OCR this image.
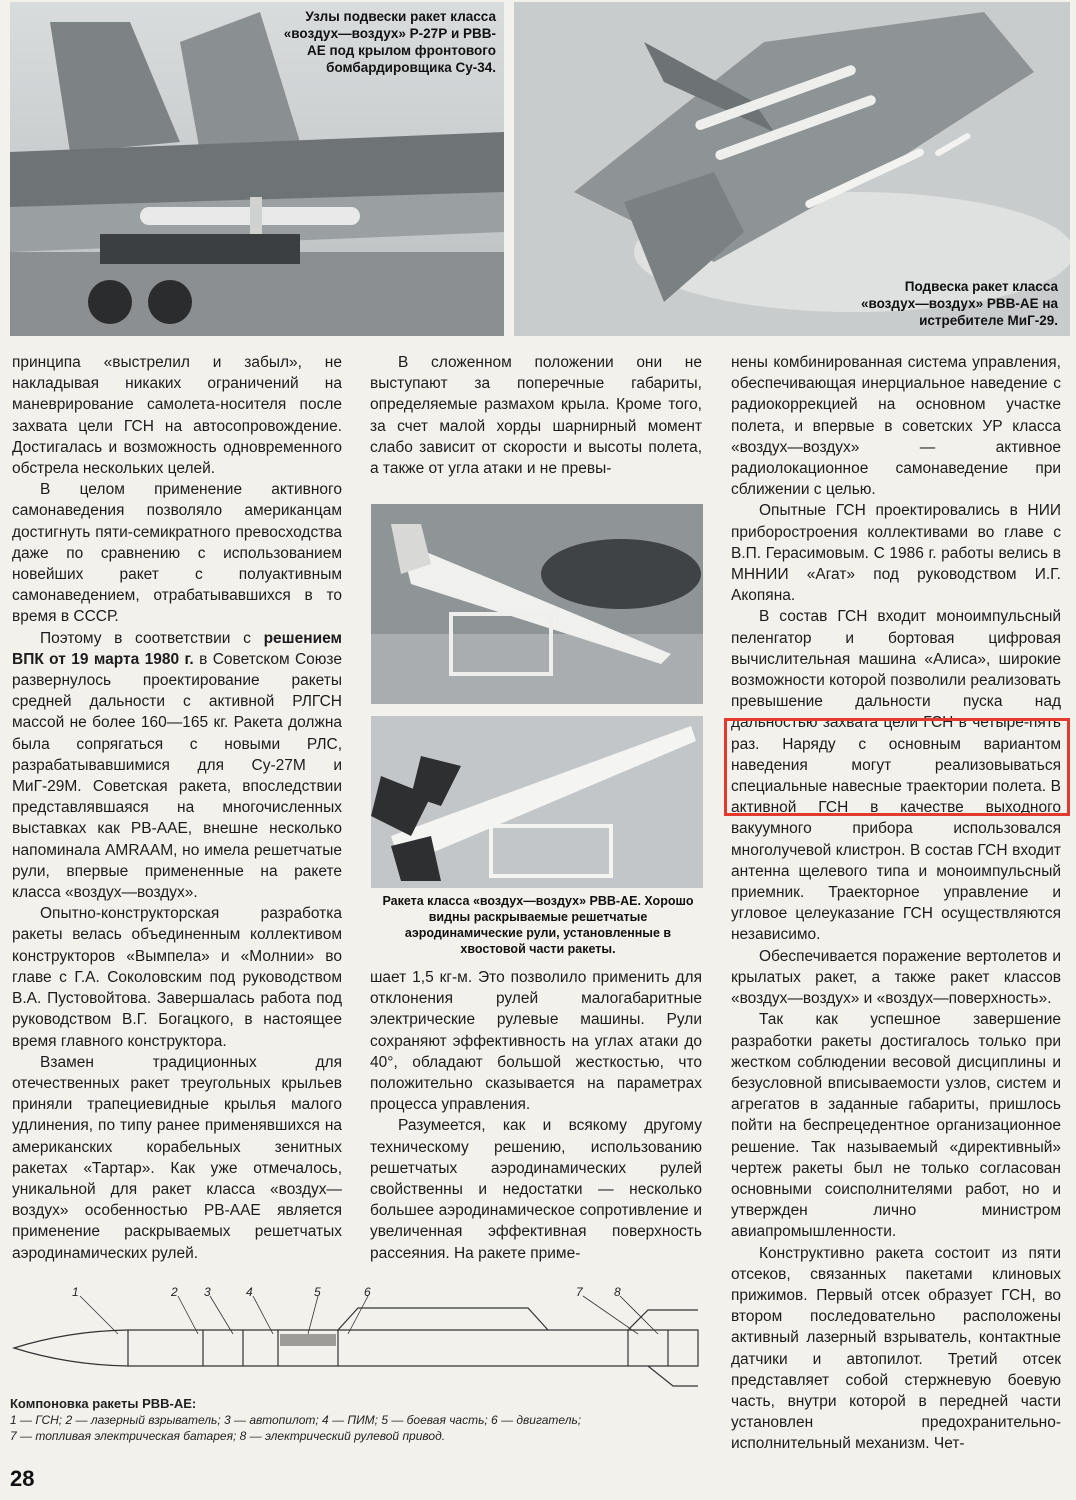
Узлы подвески ракет класса «воздух—воздух» Р-27Р и РВВ-АЕ под крылом фронтового бомбардировщика Су-34.
Подвеска ракет класса «воздух—воздух» РВВ-АЕ на истребителе МиГ-29.

принципа «выстрелил и забыл», не накладывая никаких ограничений на маневрирование самолета-носителя после захвата цели ГСН на автосопровождение. Достигалась и возможность одновременного обстрела нескольких целей.

В целом применение активного самонаведения позволяло американцам достигнуть пяти-семикратного превосходства даже по сравнению с использованием новейших ракет с полуактивным самонаведением, отрабатывавшихся в то время в СССР.

Поэтому в соответствии с решением ВПК от 19 марта 1980 г. в Советском Союзе развернулось проектирование ракеты средней дальности с активной РЛГСН массой не более 160—165 кг. Ракета должна была сопрягаться с новыми РЛС, разрабатывавшимися для Су-27М и МиГ-29М. Советская ракета, впоследствии представлявшаяся на многочисленных выставках как РВ-ААЕ, внешне несколько напоминала AMRAAM, но имела решетчатые рули, впервые примененные на ракете класса «воздух—воздух».

Опытно-конструкторская разработка ракеты велась объединенным коллективом конструкторов «Вымпела» и «Молнии» во главе с Г.А. Соколовским под руководством В.А. Пустовойтова. Завершалась работа под руководством В.Г. Богацкого, в настоящее время главного конструктора.

Взамен традиционных для отечественных ракет треугольных крыльев приняли трапециевидные крылья малого удлинения, по типу ранее применявшихся на американских корабельных зенитных ракетах «Тартар». Как уже отмечалось, уникальной для ракет класса «воздух—воздух» особенностью РВ-ААЕ является применение раскрываемых решетчатых аэродинамических рулей.

В сложенном положении они не выступают за поперечные габариты, определяемые размахом крыла. Кроме того, за счет малой хорды шарнирный момент слабо зависит от скорости и высоты полета, а также от угла атаки и не превы-

Ракета класса «воздух—воздух» РВВ-АЕ. Хорошо видны раскрываемые решетчатые аэродинамические рули, установленные в хвостовой части ракеты.

шает 1,5 кг-м. Это позволило применить для отклонения рулей малогабаритные электрические рулевые машины. Рули сохраняют эффективность на углах атаки до 40°, обладают большой жесткостью, что положительно сказывается на параметрах процесса управления.

Разумеется, как и всякому другому техническому решению, использованию решетчатых аэродинамических рулей свойственны и недостатки — несколько большее аэродинамическое сопротивление и увеличенная эффективная поверхность рассеяния. На ракете приме-

нены комбинированная система управления, обеспечивающая инерциальное наведение с радиокоррекцией на основном участке полета, и впервые в советских УР класса «воздух—воздух» — активное радиолокационное самонаведение при сближении с целью.

Опытные ГСН проектировались в НИИ приборостроения коллективами во главе с В.П. Герасимовым. С 1986 г. работы велись в МННИИ «Агат» под руководством И.Г. Акопяна.

В состав ГСН входит моноимпульсный пеленгатор и бортовая цифровая вычислительная машина «Алиса», широкие возможности которой позволили реализовать превышение дальности пуска над дальностью захвата цели ГСН в четыре-пять раз. Наряду с основным вариантом наведения могут реализовываться специальные навесные траектории полета. В активной ГСН в качестве выходного вакуумного прибора использовался многолучевой клистрон. В состав ГСН входит антенна щелевого типа и моноимпульсный приемник. Траекторное управление и угловое целеуказание ГСН осуществляются независимо.

Обеспечивается поражение вертолетов и крылатых ракет, а также ракет классов «воздух—воздух» и «воздух—поверхность».

Так как успешное завершение разработки ракеты достигалось только при жестком соблюдении весовой дисциплины и безусловной вписываемости узлов, систем и агрегатов в заданные габариты, пришлось пойти на беспрецедентное организационное решение. Так называемый «директивный» чертеж ракеты был не только согласован основными соисполнителями работ, но и утвержден лично министром авиапромышленности.

Конструктивно ракета состоит из пяти отсеков, связанных пакетами клиновых прижимов. Первый отсек образует ГСН, во втором последовательно расположены активный лазерный взрыватель, контактные датчики и автопилот. Третий отсек представляет собой стержневую боевую часть, внутри которой в передней части установлен предохранительно-исполнительный механизм. Чет-

1	2 3	4	5	6	7	8
Компоновка ракеты РВВ-АЕ:
1 — ГСН; 2 — лазерный взрыватель; 3 — автопилот; 4 — ПИМ; 5 — боевая часть; 6 — двигатель;
7 — топливая электрическая батарея; 8 — электрический рулевой привод.
28
